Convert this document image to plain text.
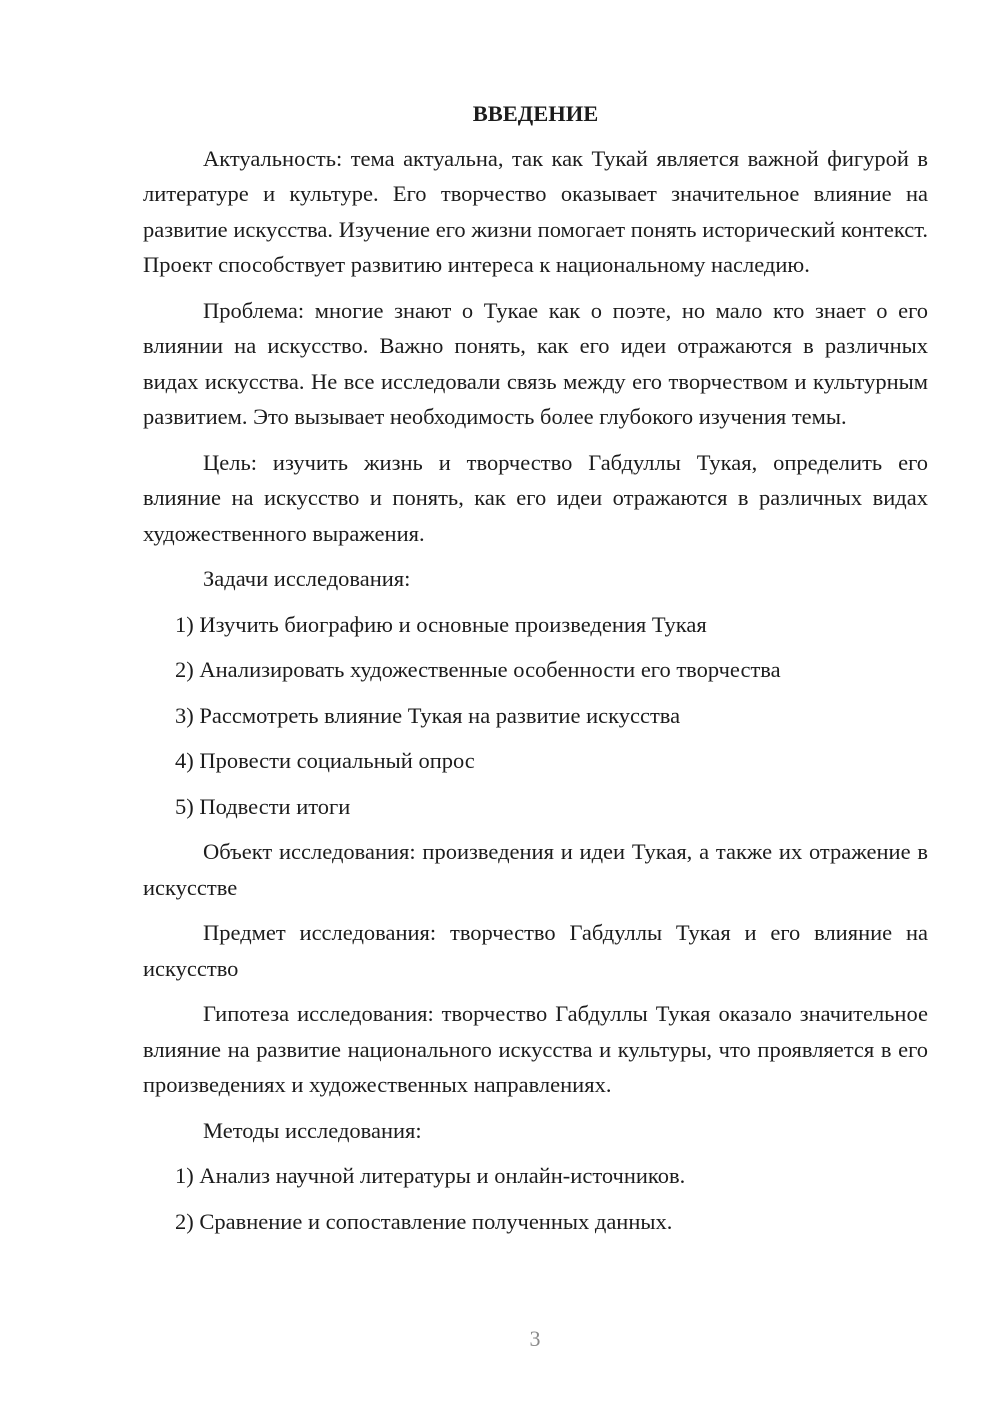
ВВЕДЕНИЕ

Актуальность: тема актуальна, так как Тукай является важной фигурой в литературе и культуре. Его творчество оказывает значительное влияние на развитие искусства. Изучение его жизни помогает понять исторический контекст. Проект способствует развитию интереса к национальному наследию.

Проблема: многие знают о Тукае как о поэте, но мало кто знает о его влиянии на искусство. Важно понять, как его идеи отражаются в различных видах искусства. Не все исследовали связь между его творчеством и культурным развитием. Это вызывает необходимость более глубокого изучения темы.

Цель: изучить жизнь и творчество Габдуллы Тукая, определить его влияние на искусство и понять, как его идеи отражаются в различных видах художественного выражения.

Задачи исследования:

1) Изучить биографию и основные произведения Тукая

2) Анализировать художественные особенности его творчества

3) Рассмотреть влияние Тукая на развитие искусства

4) Провести социальный опрос

5) Подвести итоги

Объект исследования: произведения и идеи Тукая, а также их отражение в искусстве

Предмет исследования: творчество Габдуллы Тукая и его влияние на искусство

Гипотеза исследования: творчество Габдуллы Тукая оказало значительное влияние на развитие национального искусства и культуры, что проявляется в его произведениях и художественных направлениях.

Методы исследования:

1) Анализ научной литературы и онлайн-источников.

2) Сравнение и сопоставление полученных данных.

3
